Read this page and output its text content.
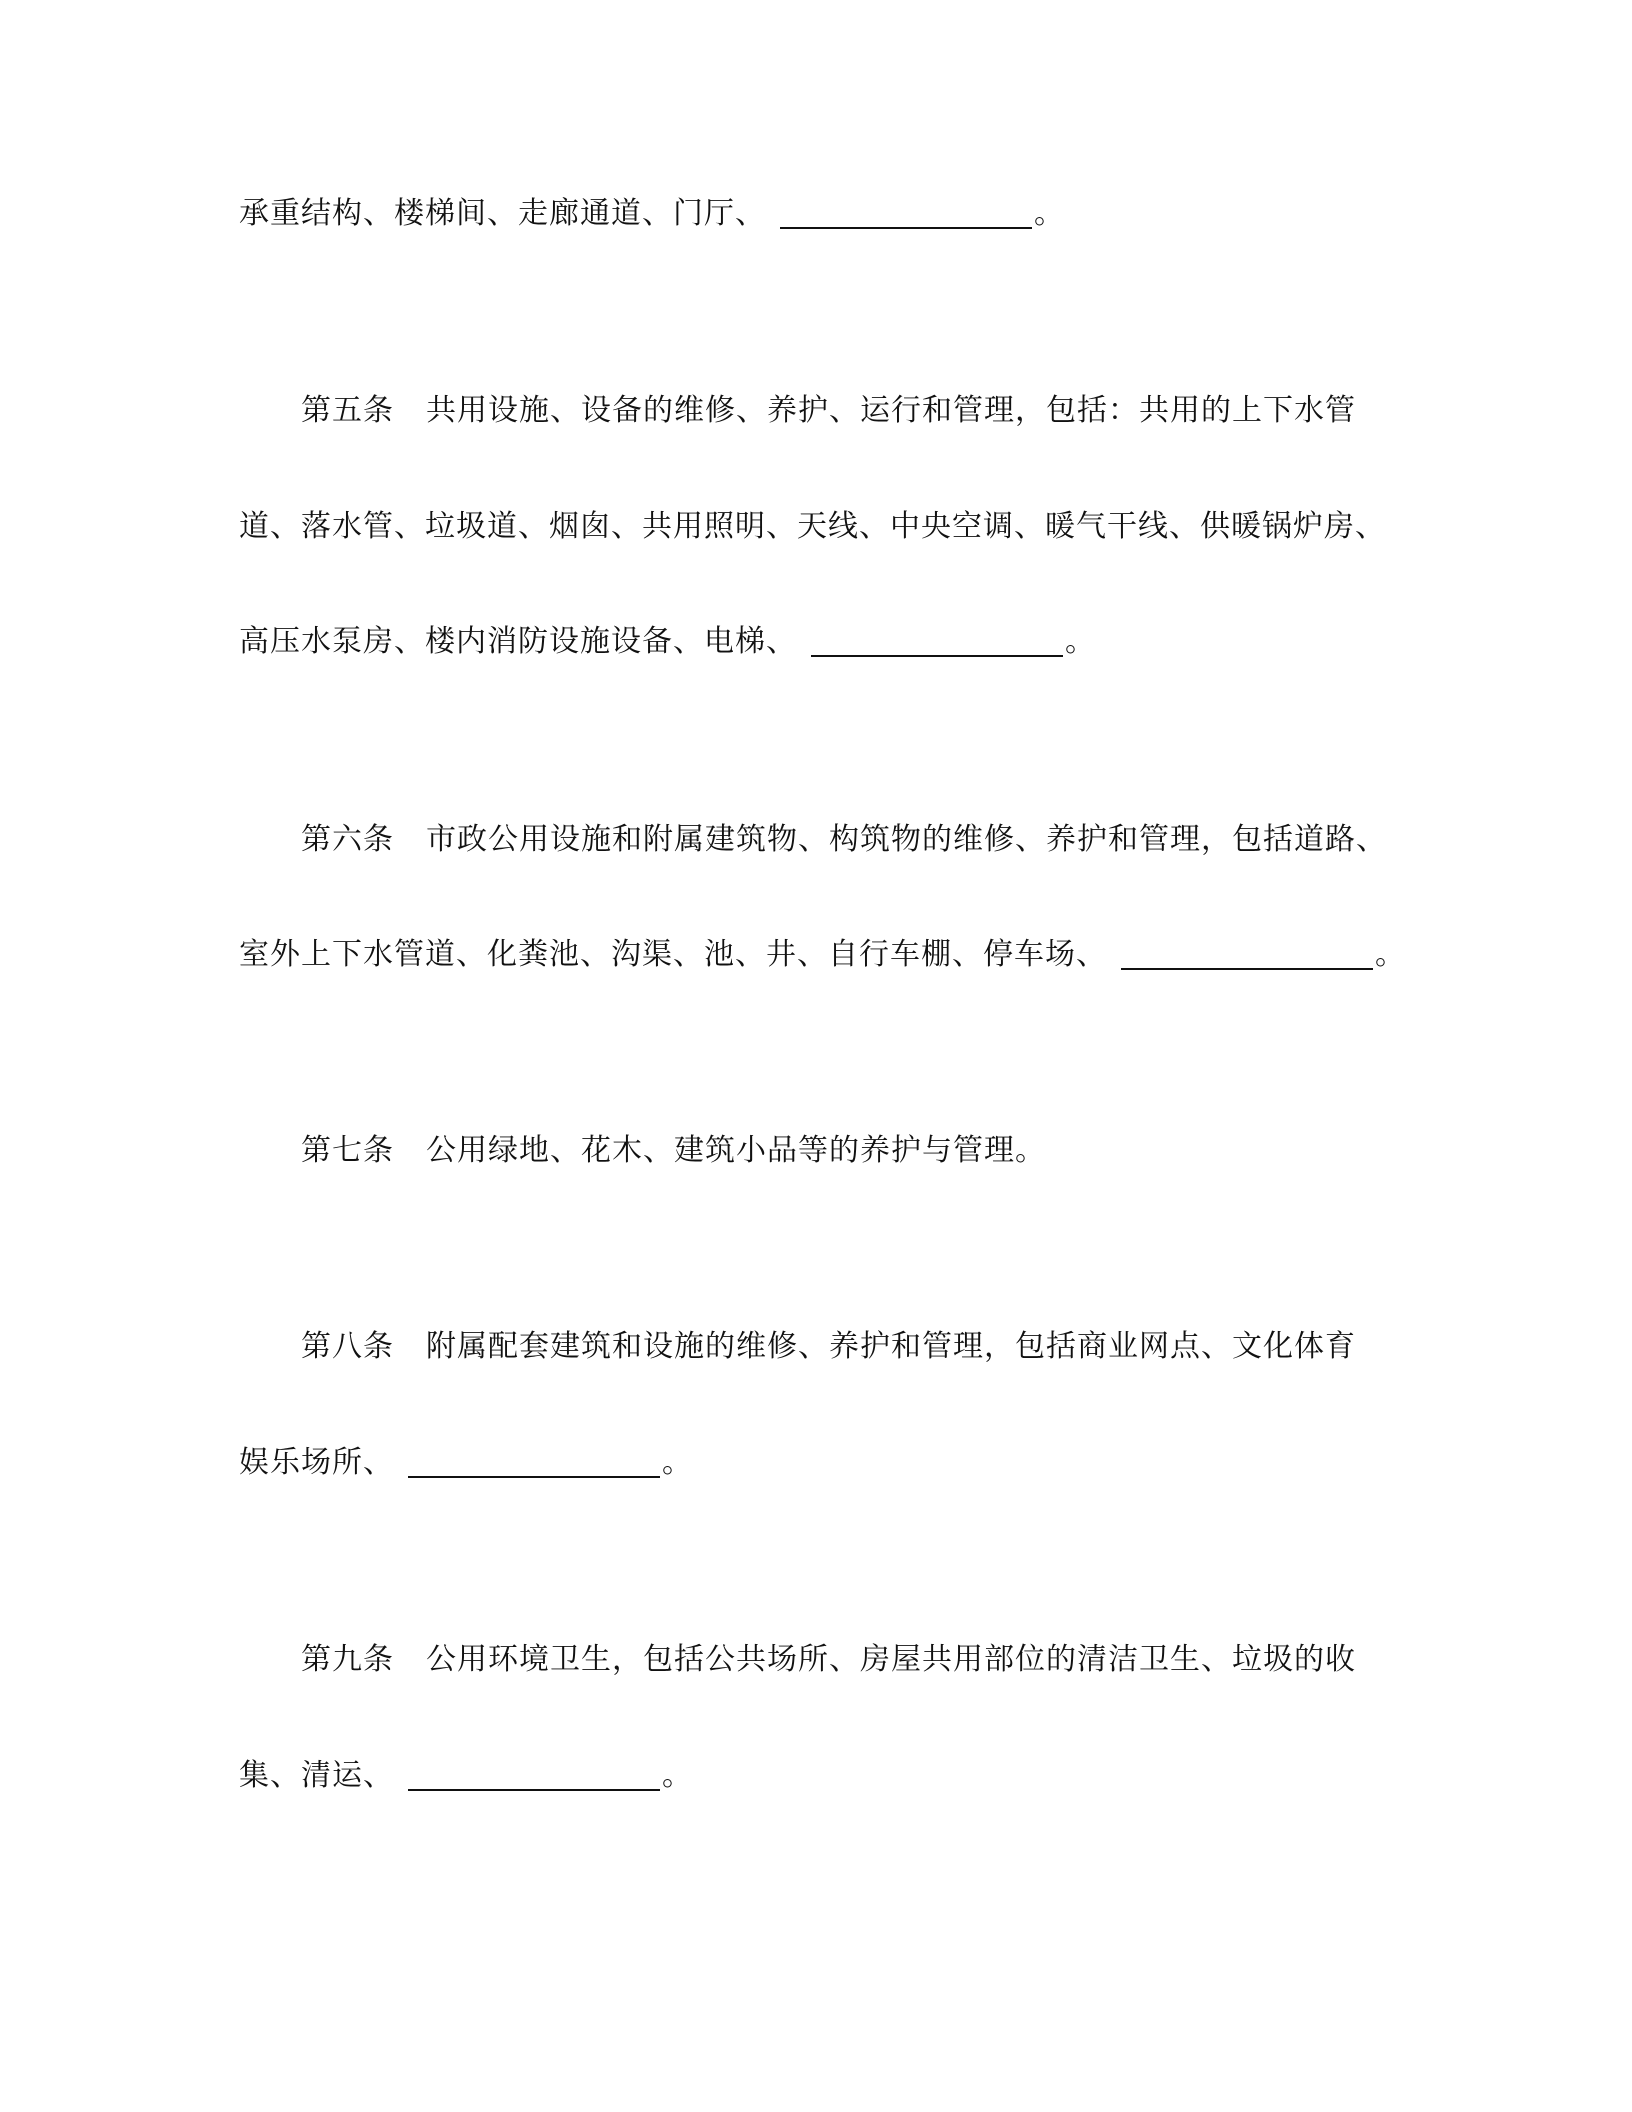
承重结构、楼梯间、走廊通道、门厅、	。
第五条 共用设施、设备的维修、养护、运行和管理，包括：共用的上下水管
道、落水管、垃圾道、烟囱、共用照明、天线、中央空调、暖气干线、供暖锅炉房、
高压水泵房、楼内消防设施设备、电梯、	。
第六条 市政公用设施和附属建筑物、构筑物的维修、养护和管理，包括道路、
室外上下水管道、化粪池、沟渠、池、井、自行车棚、停车场、	。
第七条 公用绿地、花木、建筑小品等的养护与管理。
第八条 附属配套建筑和设施的维修、养护和管理，包括商业网点、文化体育
娱乐场所、	。
第九条 公用环境卫生，包括公共场所、房屋共用部位的清洁卫生、垃圾的收
集、清运、	。
